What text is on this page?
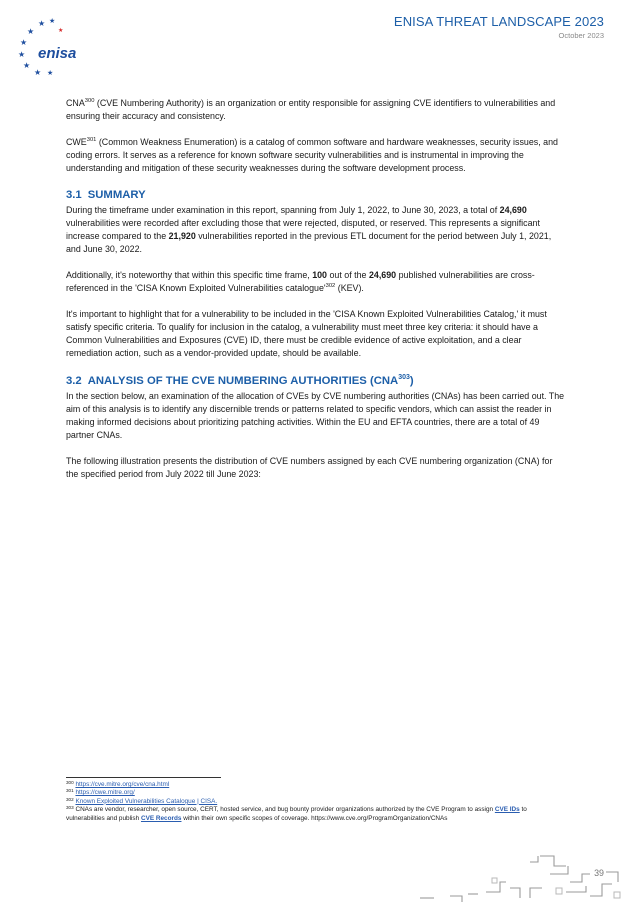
★ ★
★
★
★
★
★ ★
★
enisa
ENISA THREAT LANDSCAPE 2023
October 2023

CNA$^{300}$ (CVE Numbering Authority) is an organization or entity responsible for assigning CVE identifiers to vulnerabilities and ensuring their accuracy and consistency.

CWE$^{301}$ (Common Weakness Enumeration) is a catalog of common software and hardware weaknesses, security issues, and coding errors. It serves as a reference for known software security vulnerabilities and is instrumental in improving the understanding and mitigation of these security weaknesses during the software development process.

3.1 SUMMARY

During the timeframe under examination in this report, spanning from July 1, 2022, to June 30, 2023, a total of 24,690 vulnerabilities were recorded after excluding those that were rejected, disputed, or reserved. This represents a significant increase compared to the 21,920 vulnerabilities reported in the previous ETL document for the period between July 1, 2021, and June 30, 2022.

Additionally, it's noteworthy that within this specific time frame, 100 out of the 24,690 published vulnerabilities are cross-referenced in the 'CISA Known Exploited Vulnerabilities $catalogue'^{302}$ (KEV).

It's important to highlight that for a vulnerability to be included in the 'CISA Known Exploited Vulnerabilities Catalog,' it must satisfy specific criteria. To qualify for inclusion in the catalog, a vulnerability must meet three key criteria: it should have a Common Vulnerabilities and Exposures (CVE) ID, there must be credible evidence of active exploitation, and a clear remediation action, such as a vendor-provided update, should be available.

3.2 ANALYSIS OF THE CVE NUMBERING AUTHORITIES (CNA$^{303}$)

In the section below, an examination of the allocation of CVEs by CVE numbering authorities (CNAs) has been carried out. The aim of this analysis is to identify any discernible trends or patterns related to specific vendors, which can assist the reader in making informed decisions about prioritizing patching activities. Within the EU and EFTA countries, there are a total of 49 partner CNAs.

The following illustration presents the distribution of CVE numbers assigned by each CVE numbering organization (CNA) for the specified period from July 2022 till June 2023:

$^{300}$ https://cve.mitre.org/cve/cna.html
$^{301}$ https://cwe.mitre.org/
$^{302}$ Known Exploited Vulnerabilities Catalogue | CISA.
$^{303}$ CNAs are vendor, researcher, open source, CERT, hosted service, and bug bounty provider organizations authorized by the CVE Program to assign CVE IDs to vulnerabilities and publish CVE Records within their own specific scopes of coverage. https://www.cve.org/ProgramOrganization/CNAs
39
